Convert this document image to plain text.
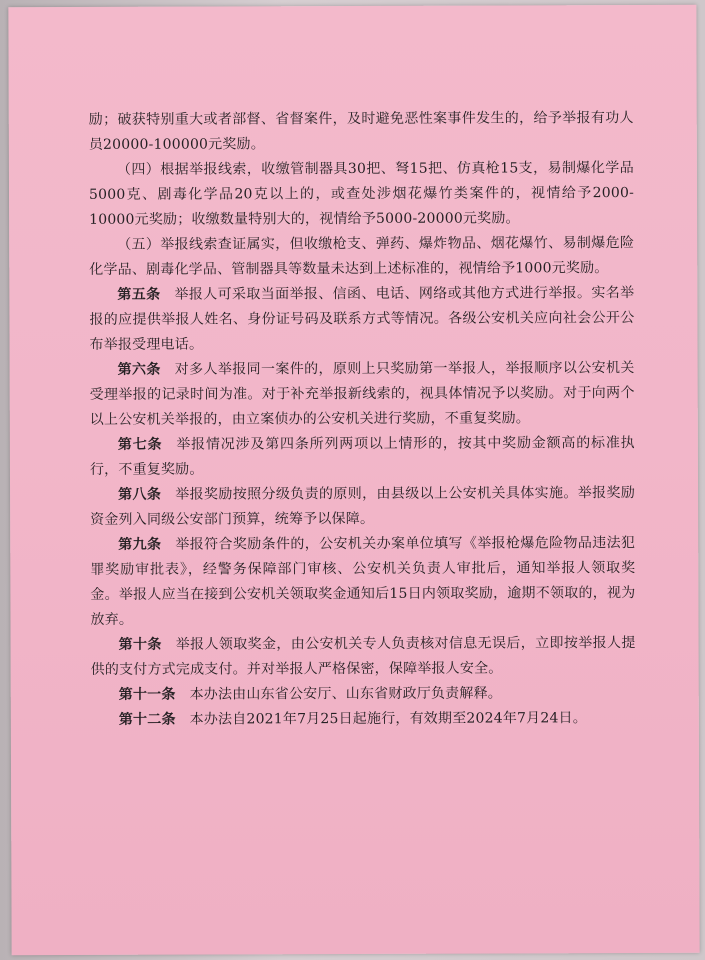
励；破获特别重大或者部督、省督案件，及时避免恶性案事件发生的，给予举报有功人员20000-100000元奖励。

（四）根据举报线索，收缴管制器具30把、弩15把、仿真枪15支，易制爆化学品5000克、剧毒化学品20克以上的，或查处涉烟花爆竹类案件的，视情给予2000-10000元奖励；收缴数量特别大的，视情给予5000-20000元奖励。

（五）举报线索查证属实，但收缴枪支、弹药、爆炸物品、烟花爆竹、易制爆危险化学品、剧毒化学品、管制器具等数量未达到上述标准的，视情给予1000元奖励。

第五条 举报人可采取当面举报、信函、电话、网络或其他方式进行举报。实名举报的应提供举报人姓名、身份证号码及联系方式等情况。各级公安机关应向社会公开公布举报受理电话。

第六条 对多人举报同一案件的，原则上只奖励第一举报人，举报顺序以公安机关受理举报的记录时间为准。对于补充举报新线索的，视具体情况予以奖励。对于向两个以上公安机关举报的，由立案侦办的公安机关进行奖励，不重复奖励。

第七条 举报情况涉及第四条所列两项以上情形的，按其中奖励金额高的标准执行，不重复奖励。

第八条 举报奖励按照分级负责的原则，由县级以上公安机关具体实施。举报奖励资金列入同级公安部门预算，统筹予以保障。

第九条 举报符合奖励条件的，公安机关办案单位填写《举报枪爆危险物品违法犯罪奖励审批表》，经警务保障部门审核、公安机关负责人审批后，通知举报人领取奖金。举报人应当在接到公安机关领取奖金通知后15日内领取奖励，逾期不领取的，视为放弃。

第十条 举报人领取奖金，由公安机关专人负责核对信息无误后，立即按举报人提供的支付方式完成支付。并对举报人严格保密，保障举报人安全。

第十一条 本办法由山东省公安厅、山东省财政厅负责解释。

第十二条 本办法自2021年7月25日起施行，有效期至2024年7月24日。
